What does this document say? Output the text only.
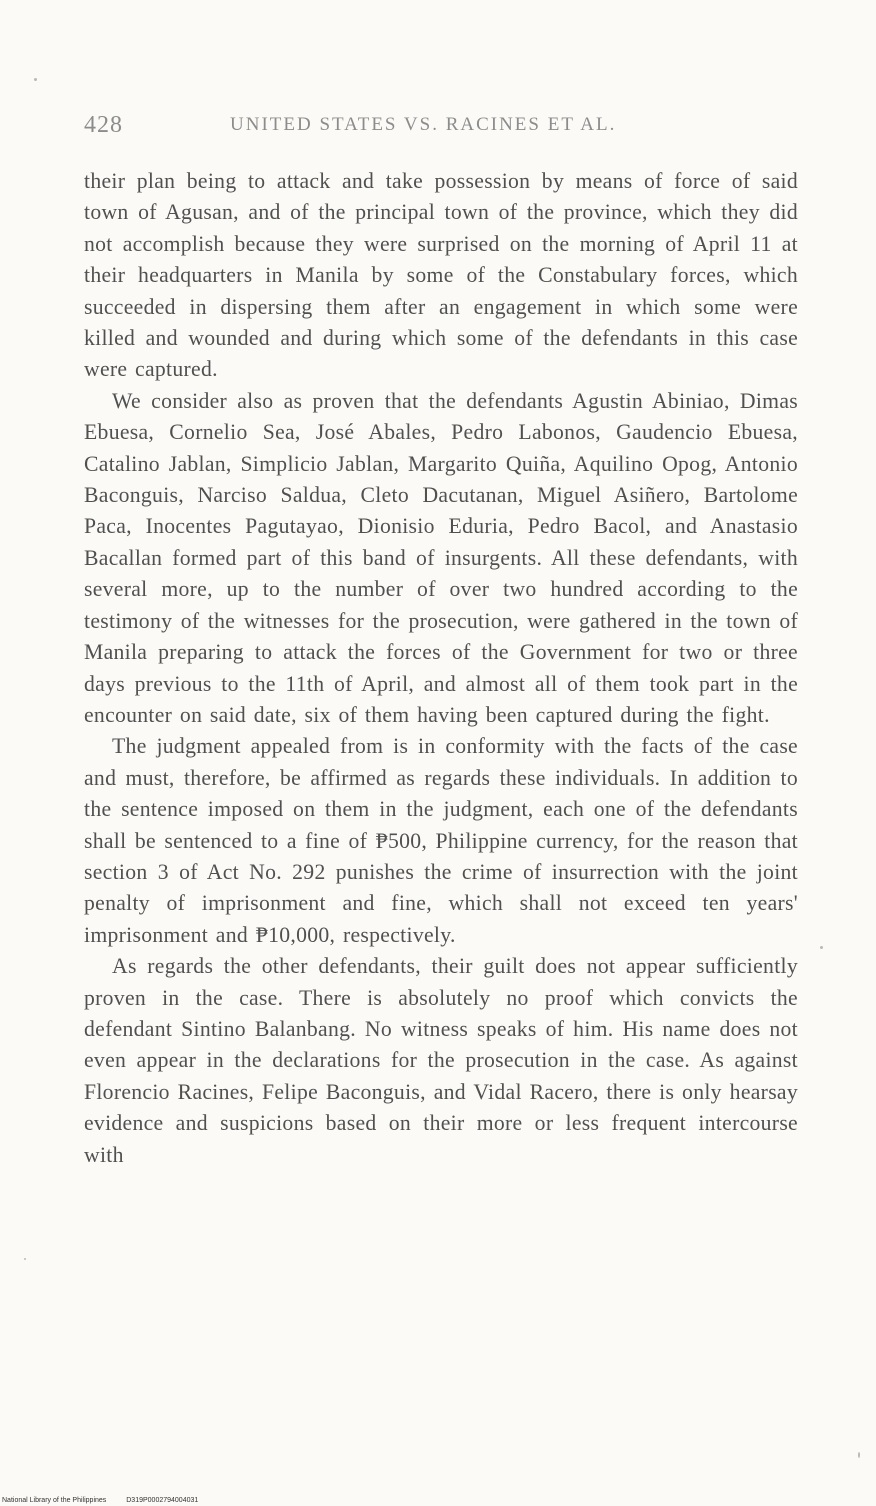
428	UNITED STATES VS. RACINES ET AL.

their plan being to attack and take possession by means of force of said town of Agusan, and of the principal town of the province, which they did not accomplish because they were surprised on the morning of April 11 at their headquarters in Manila by some of the Constabulary forces, which succeeded in dispersing them after an engagement in which some were killed and wounded and during which some of the defendants in this case were captured.

We consider also as proven that the defendants Agustin Abiniao, Dimas Ebuesa, Cornelio Sea, José Abales, Pedro Labonos, Gaudencio Ebuesa, Catalino Jablan, Simplicio Jablan, Margarito Quiña, Aquilino Opog, Antonio Baconguis, Narciso Saldua, Cleto Dacutanan, Miguel Asiñero, Bartolome Paca, Inocentes Pagutayao, Dionisio Eduria, Pedro Bacol, and Anastasio Bacallan formed part of this band of insurgents. All these defendants, with several more, up to the number of over two hundred according to the testimony of the witnesses for the prosecution, were gathered in the town of Manila preparing to attack the forces of the Government for two or three days previous to the 11th of April, and almost all of them took part in the encounter on said date, six of them having been captured during the fight.

The judgment appealed from is in conformity with the facts of the case and must, therefore, be affirmed as regards these individuals. In addition to the sentence imposed on them in the judgment, each one of the defendants shall be sentenced to a fine of ₱500, Philippine currency, for the reason that section 3 of Act No. 292 punishes the crime of insurrection with the joint penalty of imprisonment and fine, which shall not exceed ten years' imprisonment and ₱10,000, respectively.

As regards the other defendants, their guilt does not appear sufficiently proven in the case. There is absolutely no proof which convicts the defendant Sintino Balanbang. No witness speaks of him. His name does not even appear in the declarations for the prosecution in the case. As against Florencio Racines, Felipe Baconguis, and Vidal Racero, there is only hearsay evidence and suspicions based on their more or less frequent intercourse with

National Library of the Philippines	D319P0002794004031
